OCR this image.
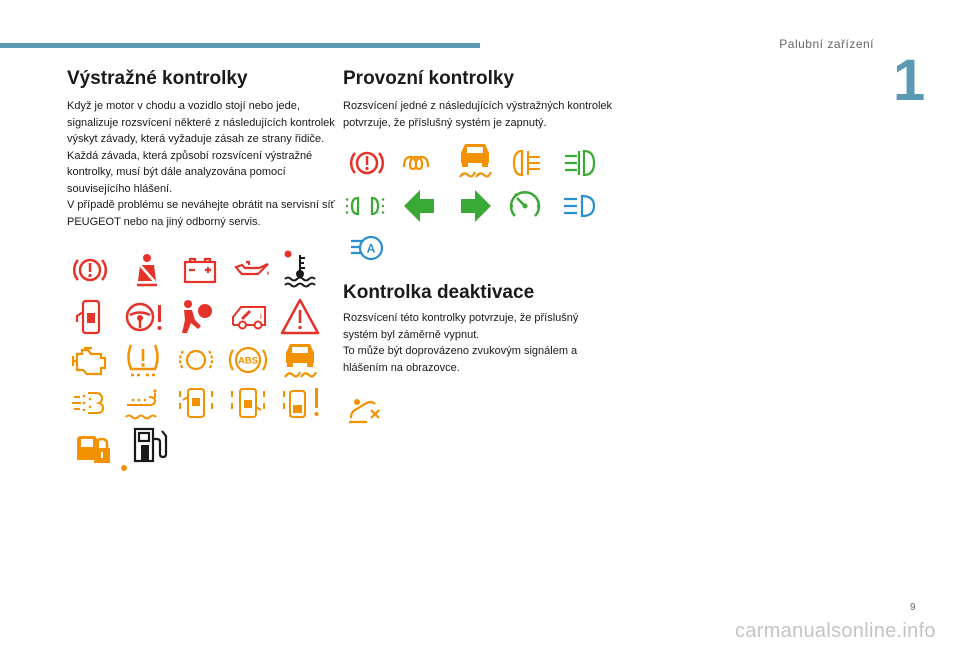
Palubní zařízení
1
Výstražné kontrolky

Když je motor v chodu a vozidlo stojí nebo jede, signalizuje rozsvícení některé z následujících kontrolek výskyt závady, která vyžaduje zásah ze strany řidiče.

Každá závada, která způsobí rozsvícení výstražné kontrolky, musí být dále analyzována pomocí souvisejícího hlášení.

V případě problému se neváhejte obrátit na servisní síť PEUGEOT nebo na jiný odborný servis.

i
ABS
Provozní kontrolky

Rozsvícení jedné z následujících výstražných kontrolek potvrzuje, že příslušný systém je zapnutý.

A
Kontrolka deaktivace

Rozsvícení této kontrolky potvrzuje, že příslušný systém byl záměrně vypnut.

To může být doprovázeno zvukovým signálem a hlášením na obrazovce.

9
carmanualsonline.info
